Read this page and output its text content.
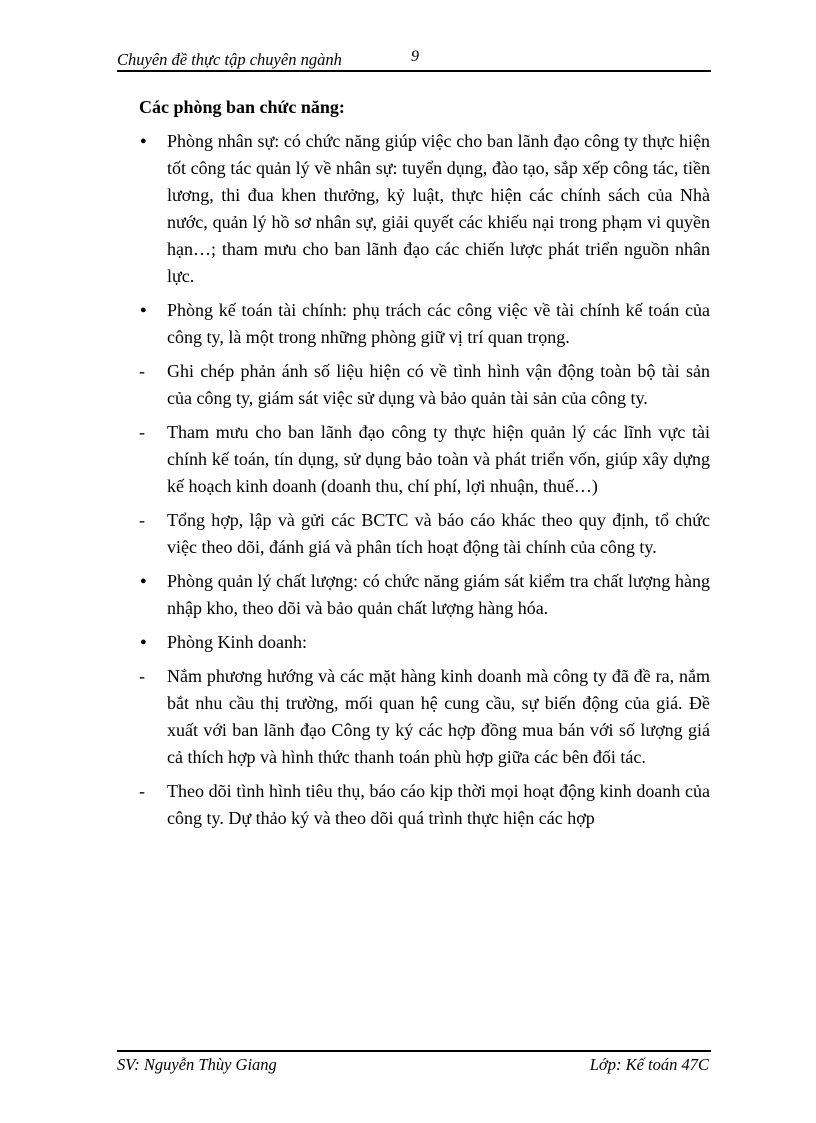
Chuyên đề thực tập chuyên ngành	9
Các phòng ban chức năng:
● Phòng nhân sự: có chức năng giúp việc cho ban lãnh đạo công ty thực hiện tốt công tác quản lý về nhân sự: tuyển dụng, đào tạo, sắp xếp công tác, tiền lương, thi đua khen thưởng, kỷ luật, thực hiện các chính sách của Nhà nước, quản lý hồ sơ nhân sự, giải quyết các khiếu nại trong phạm vi quyền hạn…; tham mưu cho ban lãnh đạo các chiến lược phát triển nguồn nhân lực.
● Phòng kế toán tài chính: phụ trách các công việc về tài chính kế toán của công ty, là một trong những phòng giữ vị trí quan trọng.
- Ghi chép phản ánh số liệu hiện có về tình hình vận động toàn bộ tài sản của công ty, giám sát việc sử dụng và bảo quản tài sản của công ty.
- Tham mưu cho ban lãnh đạo công ty thực hiện quản lý các lĩnh vực tài chính kế toán, tín dụng, sử dụng bảo toàn và phát triển vốn, giúp xây dựng kế hoạch kinh doanh (doanh thu, chí phí, lợi nhuận, thuế…)
- Tổng hợp, lập và gửi các BCTC và báo cáo khác theo quy định, tổ chức việc theo dõi, đánh giá và phân tích hoạt động tài chính của công ty.
● Phòng quản lý chất lượng: có chức năng giám sát kiểm tra chất lượng hàng nhập kho, theo dõi và bảo quản chất lượng hàng hóa.
● Phòng Kinh doanh:
- Nắm phương hướng và các mặt hàng kinh doanh mà công ty đã đề ra, nắm bắt nhu cầu thị trường, mối quan hệ cung cầu, sự biến động của giá. Đề xuất với ban lãnh đạo Công ty ký các hợp đồng mua bán với số lượng giá cả thích hợp và hình thức thanh toán phù hợp giữa các bên đối tác.
- Theo dõi tình hình tiêu thụ, báo cáo kịp thời mọi hoạt động kinh doanh của công ty. Dự thảo ký và theo dõi quá trình thực hiện các hợp
SV: Nguyễn Thùy Giang	Lớp: Kế toán 47C
